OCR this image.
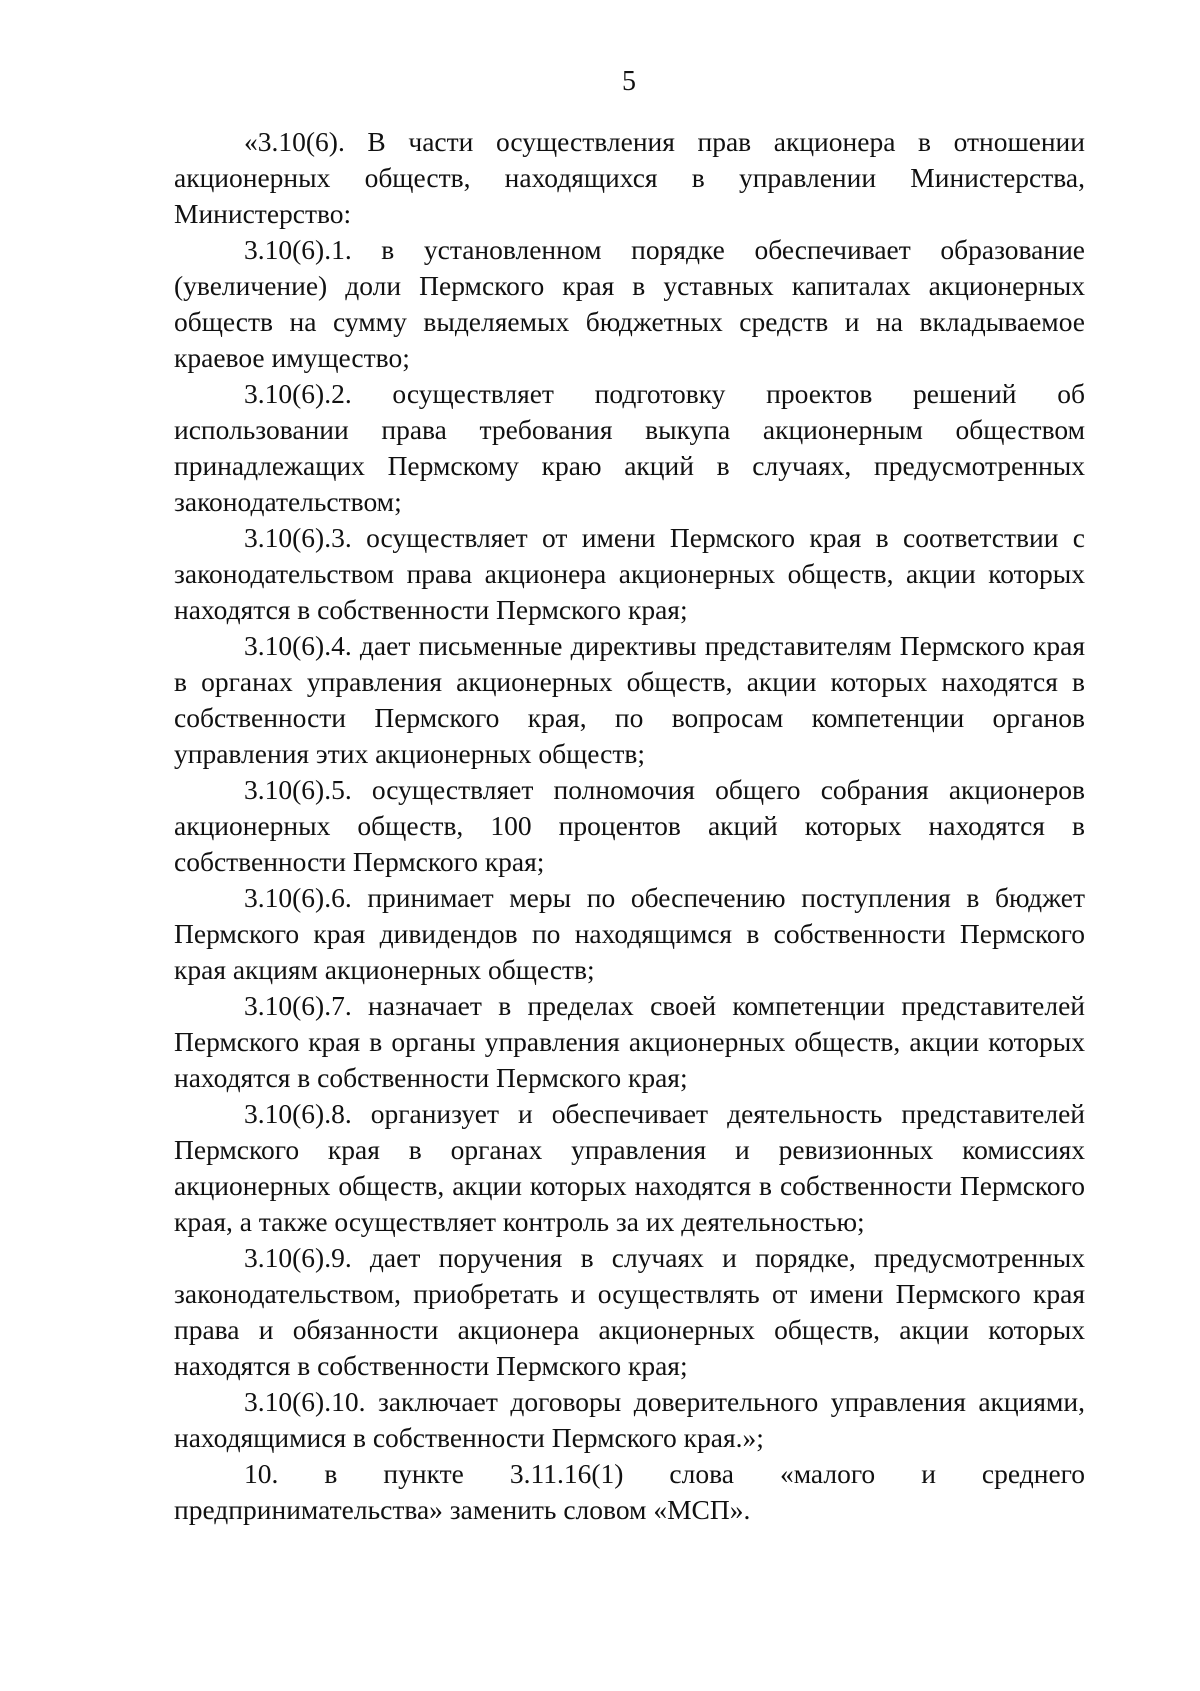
5

«3.10(6). В части осуществления прав акционера в отношении акционерных обществ, находящихся в управлении Министерства, Министерство:

3.10(6).1. в установленном порядке обеспечивает образование (увеличение) доли Пермского края в уставных капиталах акционерных обществ на сумму выделяемых бюджетных средств и на вкладываемое краевое имущество;

3.10(6).2. осуществляет подготовку проектов решений об использовании права требования выкупа акционерным обществом принадлежащих Пермскому краю акций в случаях, предусмотренных законодательством;

3.10(6).3. осуществляет от имени Пермского края в соответствии с законодательством права акционера акционерных обществ, акции которых находятся в собственности Пермского края;

3.10(6).4. дает письменные директивы представителям Пермского края в органах управления акционерных обществ, акции которых находятся в собственности Пермского края, по вопросам компетенции органов управления этих акционерных обществ;

3.10(6).5. осуществляет полномочия общего собрания акционеров акционерных обществ, 100 процентов акций которых находятся в собственности Пермского края;

3.10(6).6. принимает меры по обеспечению поступления в бюджет Пермского края дивидендов по находящимся в собственности Пермского края акциям акционерных обществ;

3.10(6).7. назначает в пределах своей компетенции представителей Пермского края в органы управления акционерных обществ, акции которых находятся в собственности Пермского края;

3.10(6).8. организует и обеспечивает деятельность представителей Пермского края в органах управления и ревизионных комиссиях акционерных обществ, акции которых находятся в собственности Пермского края, а также осуществляет контроль за их деятельностью;

3.10(6).9. дает поручения в случаях и порядке, предусмотренных законодательством, приобретать и осуществлять от имени Пермского края права и обязанности акционера акционерных обществ, акции которых находятся в собственности Пермского края;

3.10(6).10. заключает договоры доверительного управления акциями, находящимися в собственности Пермского края.»;

10. в пункте 3.11.16(1) слова «малого и среднего предпринимательства» заменить словом «МСП».
